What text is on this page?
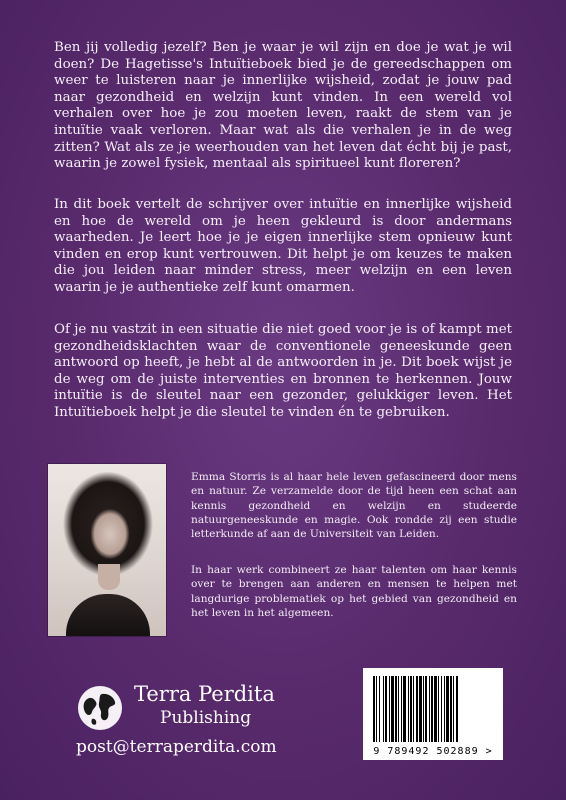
Ben jij volledig jezelf? Ben je waar je wil zijn en doe je wat je wil doen? De Hagetisse's Intuïtieboek bied je de gereedschappen om weer te luisteren naar je innerlijke wijsheid, zodat je jouw pad naar gezondheid en welzijn kunt vinden. In een wereld vol verhalen over hoe je zou moeten leven, raakt de stem van je intuïtie vaak verloren. Maar wat als die verhalen je in de weg zitten? Wat als ze je weerhouden van het leven dat écht bij je past, waarin je zowel fysiek, mentaal als spiritueel kunt floreren?

In dit boek vertelt de schrijver over intuïtie en innerlijke wijsheid en hoe de wereld om je heen gekleurd is door andermans waarheden. Je leert hoe je je eigen innerlijke stem opnieuw kunt vinden en erop kunt vertrouwen. Dit helpt je om keuzes te maken die jou leiden naar minder stress, meer welzijn en een leven waarin je je authentieke zelf kunt omarmen.

Of je nu vastzit in een situatie die niet goed voor je is of kampt met gezondheidsklachten waar de conventionele geneeskunde geen antwoord op heeft, je hebt al de antwoorden in je. Dit boek wijst je de weg om de juiste interventies en bronnen te herkennen. Jouw intuïtie is de sleutel naar een gezonder, gelukkiger leven. Het Intuïtieboek helpt je die sleutel te vinden én te gebruiken.

Emma Storris is al haar hele leven gefascineerd door mens en natuur. Ze verzamelde door de tijd heen een schat aan kennis gezondheid en welzijn en studeerde natuurgeneeskunde en magie. Ook rondde zij een studie letterkunde af aan de Universiteit van Leiden.

In haar werk combineert ze haar talenten om haar kennis over te brengen aan anderen en mensen te helpen met langdurige problematiek op het gebied van gezondheid en het leven in het algemeen.

Terra Perdita
Publishing
post@terraperdita.com	9 789492 502889 >
